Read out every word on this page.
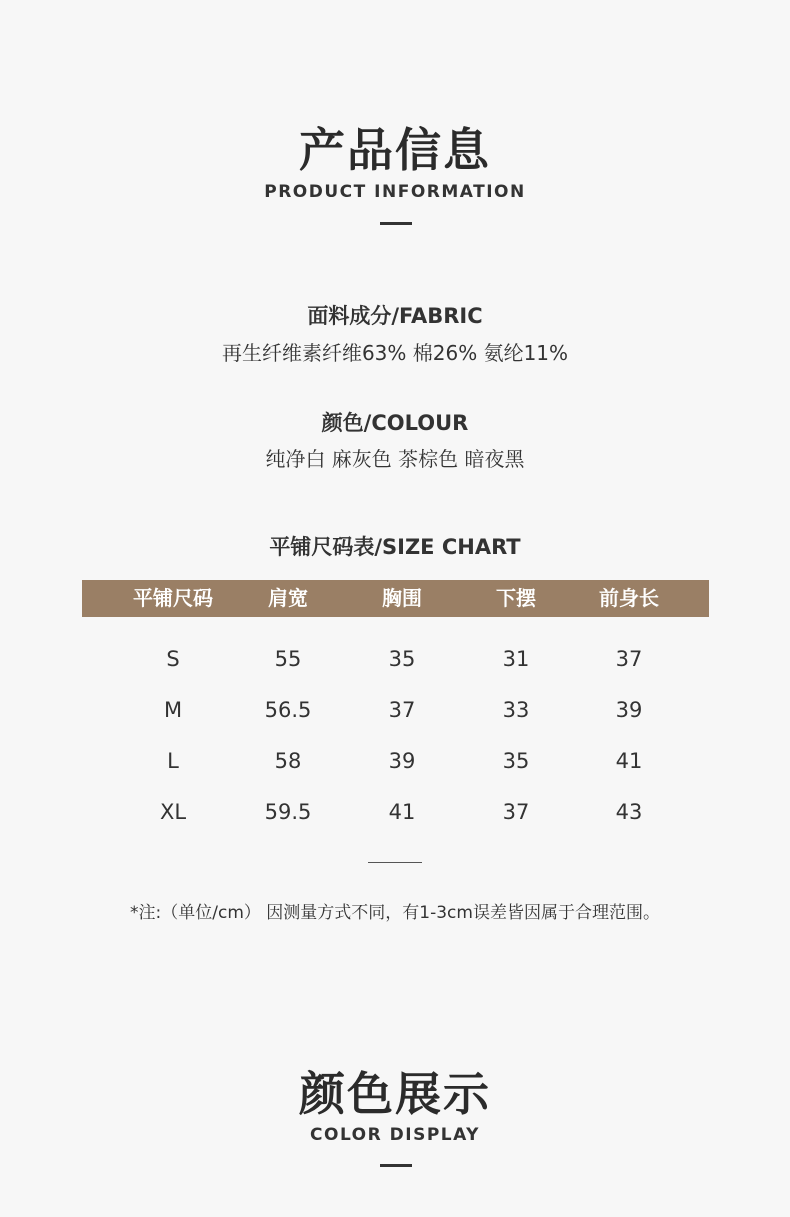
产品信息
PRODUCT INFORMATION
面料成分/FABRIC
再生纤维素纤维63% 棉26% 氨纶11%
颜色/COLOUR
纯净白 麻灰色 茶棕色 暗夜黑
平铺尺码表/SIZE CHART
平铺尺码	肩宽	胸围	下摆	前身长
S	55	35	31	37
M	56.5	37	33	39
L	58	39	35	41
XL	59.5	41	37	43
*注:（单位/cm） 因测量方式不同，有1-3cm误差皆因属于合理范围。
颜色展示
COLOR DISPLAY
